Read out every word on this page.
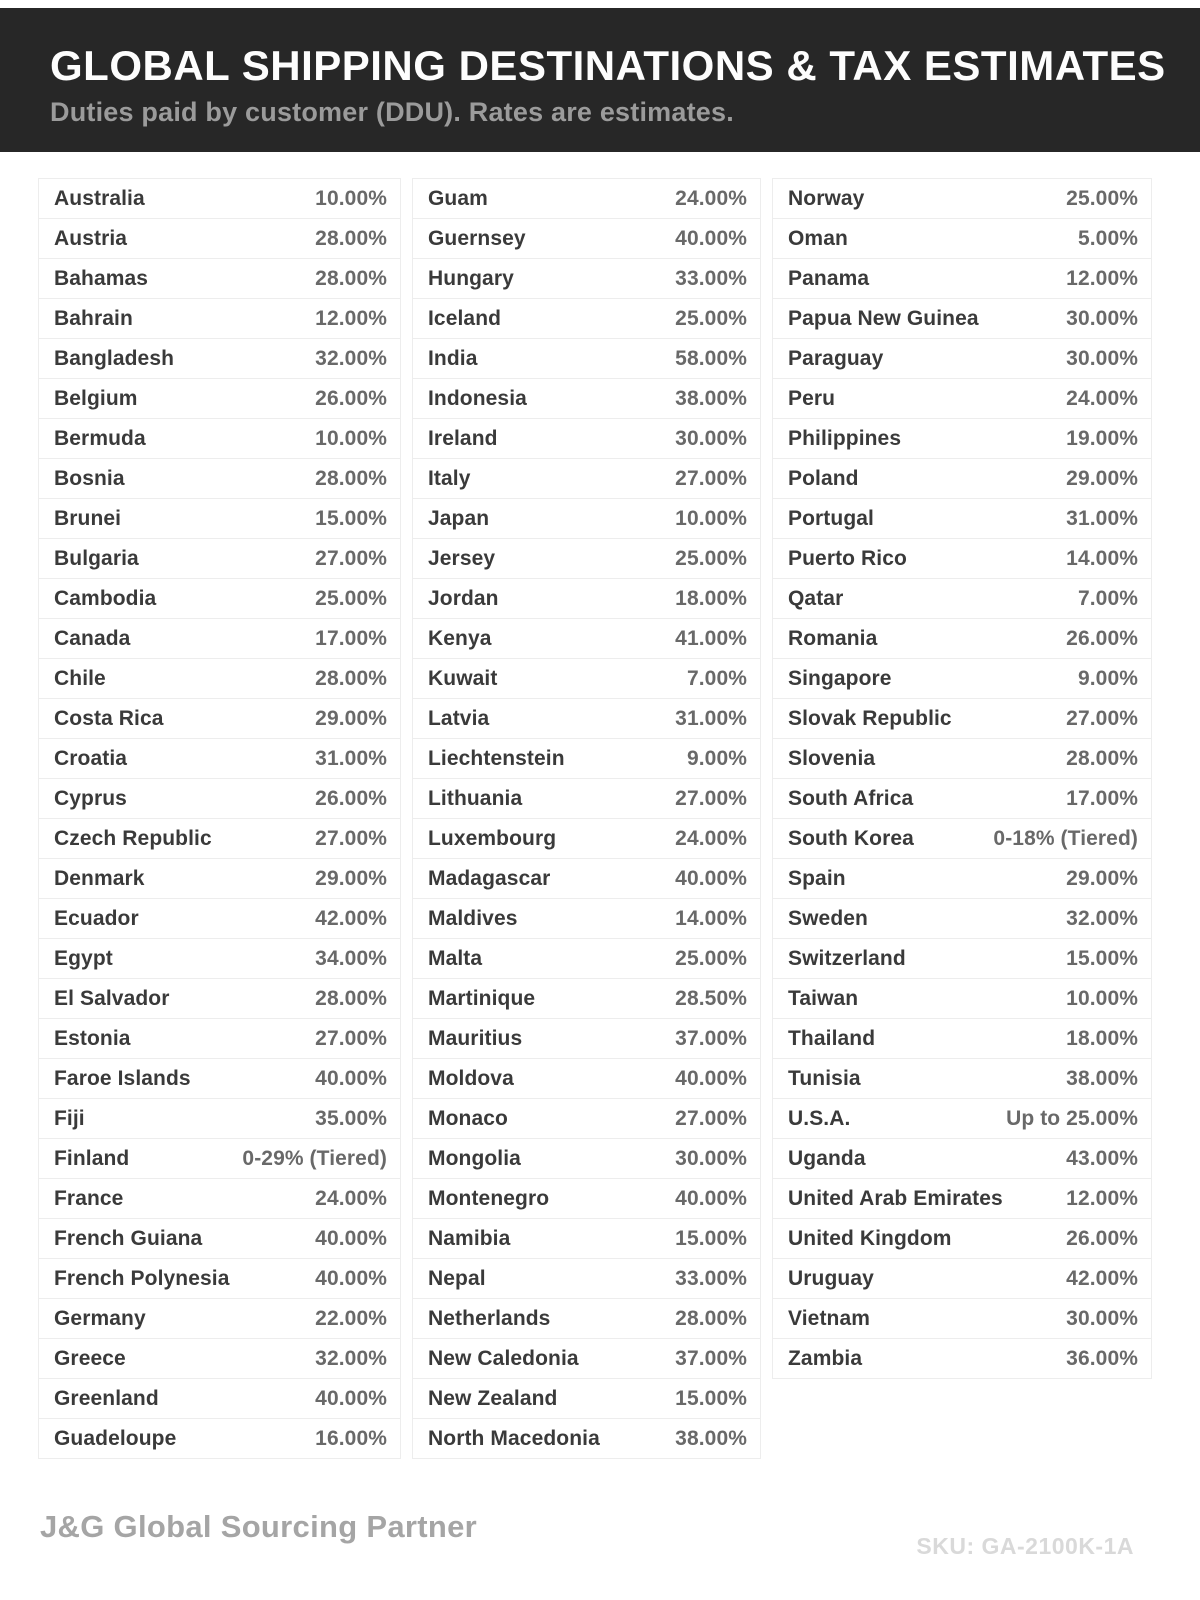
GLOBAL SHIPPING DESTINATIONS & TAX ESTIMATES
Duties paid by customer (DDU). Rates are estimates.
Australia	10.00%
Austria	28.00%
Bahamas	28.00%
Bahrain	12.00%
Bangladesh	32.00%
Belgium	26.00%
Bermuda	10.00%
Bosnia	28.00%
Brunei	15.00%
Bulgaria	27.00%
Cambodia	25.00%
Canada	17.00%
Chile	28.00%
Costa Rica	29.00%
Croatia	31.00%
Cyprus	26.00%
Czech Republic	27.00%
Denmark	29.00%
Ecuador	42.00%
Egypt	34.00%
El Salvador	28.00%
Estonia	27.00%
Faroe Islands	40.00%
Fiji	35.00%
Finland	0-29% (Tiered)
France	24.00%
French Guiana	40.00%
French Polynesia	40.00%
Germany	22.00%
Greece	32.00%
Greenland	40.00%
Guadeloupe	16.00%
Guam	24.00%
Guernsey	40.00%
Hungary	33.00%
Iceland	25.00%
India	58.00%
Indonesia	38.00%
Ireland	30.00%
Italy	27.00%
Japan	10.00%
Jersey	25.00%
Jordan	18.00%
Kenya	41.00%
Kuwait	7.00%
Latvia	31.00%
Liechtenstein	9.00%
Lithuania	27.00%
Luxembourg	24.00%
Madagascar	40.00%
Maldives	14.00%
Malta	25.00%
Martinique	28.50%
Mauritius	37.00%
Moldova	40.00%
Monaco	27.00%
Mongolia	30.00%
Montenegro	40.00%
Namibia	15.00%
Nepal	33.00%
Netherlands	28.00%
New Caledonia	37.00%
New Zealand	15.00%
North Macedonia	38.00%
Norway	25.00%
Oman	5.00%
Panama	12.00%
Papua New Guinea	30.00%
Paraguay	30.00%
Peru	24.00%
Philippines	19.00%
Poland	29.00%
Portugal	31.00%
Puerto Rico	14.00%
Qatar	7.00%
Romania	26.00%
Singapore	9.00%
Slovak Republic	27.00%
Slovenia	28.00%
South Africa	17.00%
South Korea	0-18% (Tiered)
Spain	29.00%
Sweden	32.00%
Switzerland	15.00%
Taiwan	10.00%
Thailand	18.00%
Tunisia	38.00%
U.S.A.	Up to 25.00%
Uganda	43.00%
United Arab Emirates	12.00%
United Kingdom	26.00%
Uruguay	42.00%
Vietnam	30.00%
Zambia	36.00%
J&G Global Sourcing Partner
SKU: GA-2100K-1A
